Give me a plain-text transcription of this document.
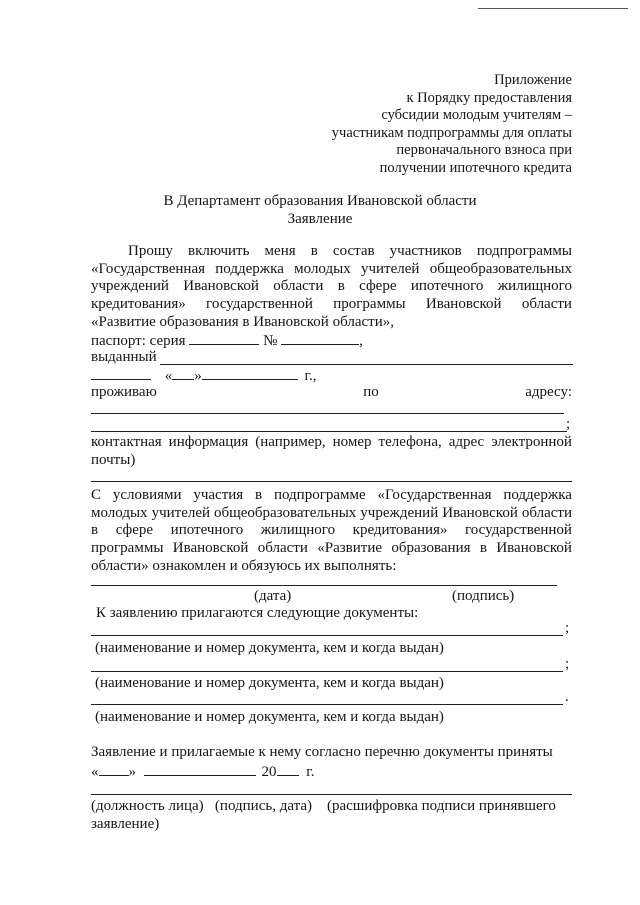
Приложение
к Порядку предоставления
субсидии молодым учителям –
участникам подпрограммы для оплаты
первоначального взноса при
получении ипотечного кредита
В Департамент образования Ивановской области
Заявление
Прошу включить меня в состав участников подпрограммы
«Государственная поддержка молодых учителей общеобразовательных
учреждений Ивановской области в сфере ипотечного жилищного
кредитования» государственной программы Ивановской области
«Развитие образования в Ивановской области»,
паспорт: серия	№	,
выданный
« »	г.,
проживаю	по	адресу:
;
контактная информация (например, номер телефона, адрес электронной
почты)
С условиями участия в подпрограмме «Государственная поддержка
молодых учителей общеобразовательных учреждений Ивановской области
в сфере ипотечного жилищного кредитования» государственной
программы Ивановской области «Развитие образования в Ивановской
области» ознакомлен и обязуюсь их выполнять:
(дата)	(подпись)
К заявлению прилагаются следующие документы:
;
(наименование и номер документа, кем и когда выдан)
;
(наименование и номер документа, кем и когда выдан)
.
(наименование и номер документа, кем и когда выдан)
Заявление и прилагаемые к нему согласно перечню документы приняты
« »	20 г.
(должность лица)   (подпись, дата)    (расшифровка подписи принявшего
заявление)
